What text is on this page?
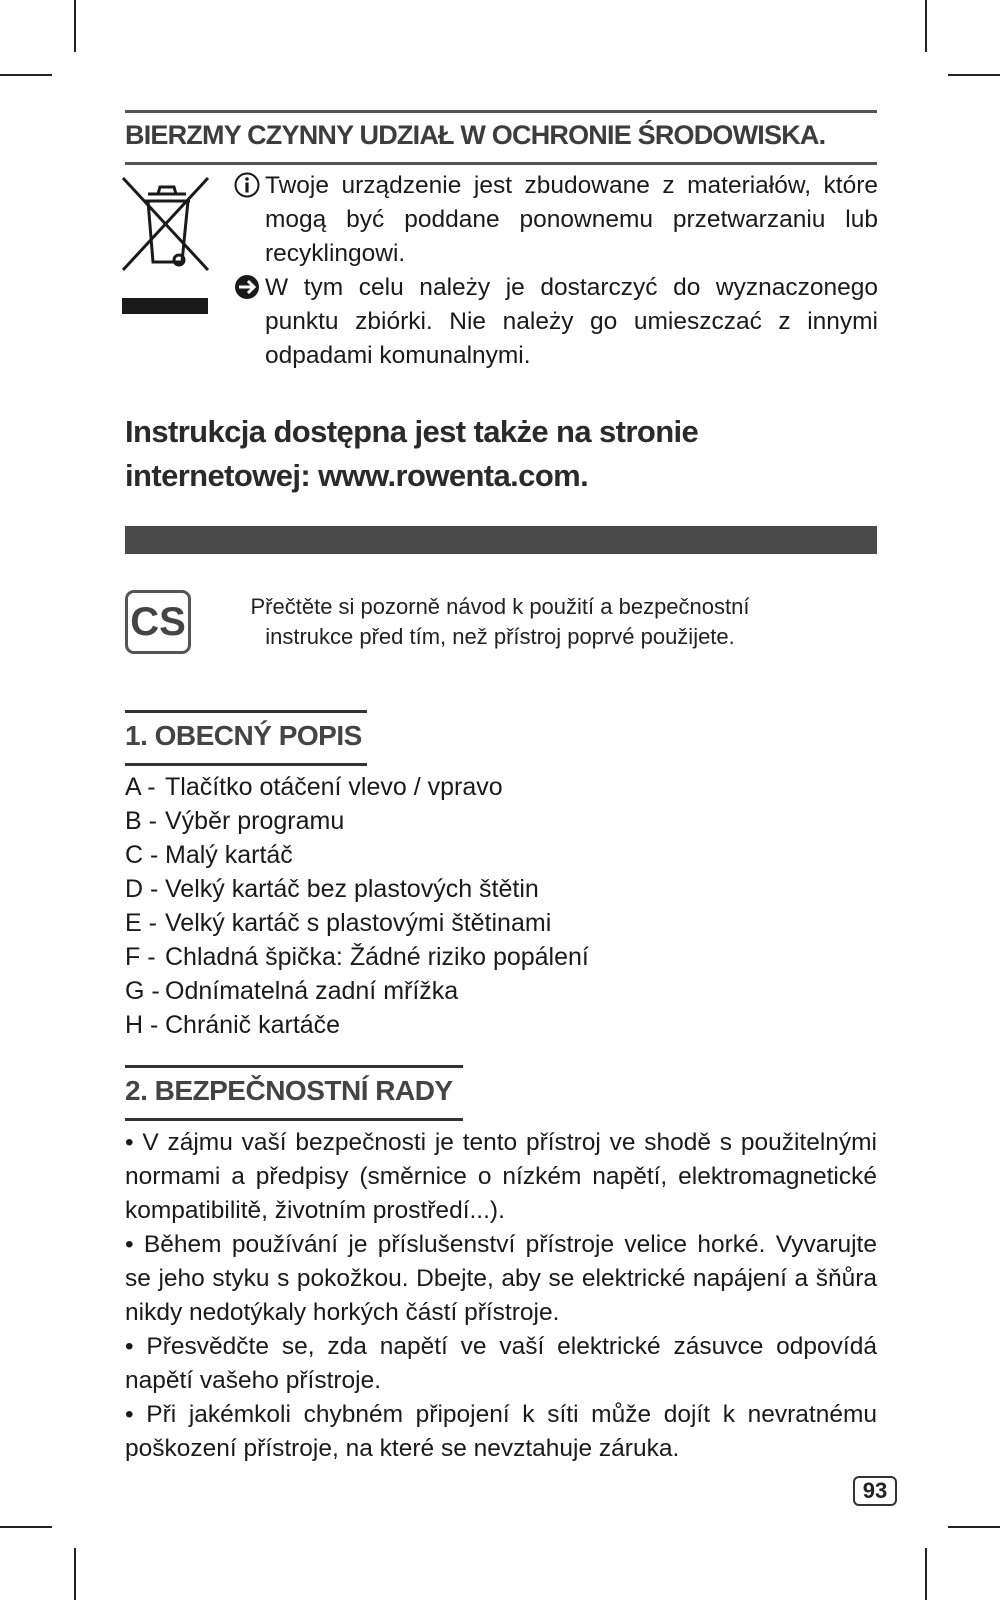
BIERZMY CZYNNY UDZIAŁ W OCHRONIE ŚRODOWISKA.
Twoje urządzenie jest zbudowane z materiałów, które
mogą być poddane ponownemu przetwarzaniu lub
recyklingowi.
W tym celu należy je dostarczyć do wyznaczonego
punktu zbiórki. Nie należy go umieszczać z innymi
odpadami komunalnymi.
Instrukcja dostępna jest także na stronie
internetowej: www.rowenta.com.
CS	Přečtěte si pozorně návod k použití a bezpečnostní
instrukce před tím, než přístroj poprvé použijete.
1. OBECNÝ POPIS
A - Tlačítko otáčení vlevo / vpravo
B - Výběr programu
C - Malý kartáč
D - Velký kartáč bez plastových štětin
E - Velký kartáč s plastovými štětinami
F - Chladná špička: Žádné riziko popálení
G - Odnímatelná zadní mřížka
H - Chránič kartáče
2. BEZPEČNOSTNÍ RADY
• V zájmu vaší bezpečnosti je tento přístroj ve shodě s použitelnými
normami a předpisy (směrnice o nízkém napětí, elektromagnetické
kompatibilitě, životním prostředí...).
• Během používání je příslušenství přístroje velice horké. Vyvarujte
se jeho styku s pokožkou. Dbejte, aby se elektrické napájení a šňůra
nikdy nedotýkaly horkých částí přístroje.
• Přesvědčte se, zda napětí ve vaší elektrické zásuvce odpovídá
napětí vašeho přístroje.
• Při jakémkoli chybném připojení k síti může dojít k nevratnému
poškození přístroje, na které se nevztahuje záruka.
93
